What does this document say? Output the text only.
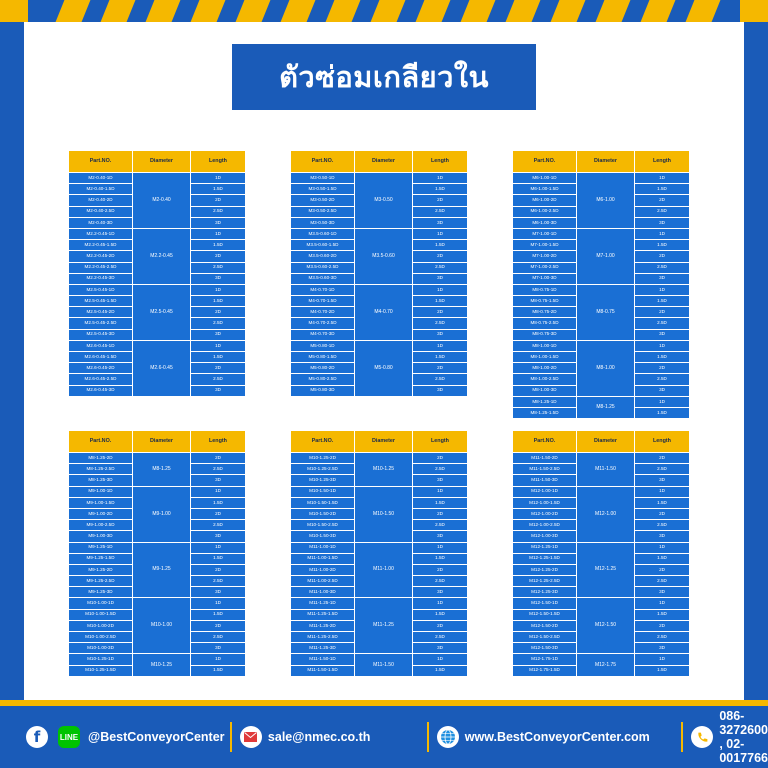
ตัวซ่อมเกลียวใน
Part.NO.	Diameter	Length
M2-0.40-1D	M2-0.40	1D
M2-0.40-1.5D		1.5D
M2-0.40-2D		2D
M2-0.40-2.5D		2.5D
M2-0.40-3D		3D
M2.2-0.45-1D	M2.2-0.45	1D
M2.2-0.45-1.5D		1.5D
M2.2-0.45-2D		2D
M2.2-0.45-2.5D		2.5D
M2.2-0.45-3D		3D
M2.5-0.45-1D	M2.5-0.45	1D
M2.5-0.45-1.5D		1.5D
M2.5-0.45-2D		2D
M2.5-0.45-2.5D		2.5D
M2.5-0.45-3D		3D
M2.6-0.45-1D	M2.6-0.45	1D
M2.6-0.45-1.5D		1.5D
M2.6-0.45-2D		2D
M2.6-0.45-2.5D		2.5D
M2.6-0.45-3D		3D
Part.NO.	Diameter	Length
M3-0.50-1D	M3-0.50	1D
M3-0.50-1.5D		1.5D
M3-0.50-2D		2D
M3-0.50-2.5D		2.5D
M3-0.50-3D		3D
M3.5-0.60-1D	M3.5-0.60	1D
M3.5-0.60-1.5D		1.5D
M3.5-0.60-2D		2D
M3.5-0.60-2.5D		2.5D
M3.5-0.60-3D		3D
M4-0.70-1D	M4-0.70	1D
M4-0.70-1.5D		1.5D
M4-0.70-2D		2D
M4-0.70-2.5D		2.5D
M4-0.70-3D		3D
M5-0.80-1D	M5-0.80	1D
M5-0.80-1.5D		1.5D
M5-0.80-2D		2D
M5-0.80-2.5D		2.5D
M5-0.80-3D		3D
Part.NO.	Diameter	Length
M6-1.00-1D	M6-1.00	1D
M6-1.00-1.5D		1.5D
M6-1.00-2D		2D
M6-1.00-2.5D		2.5D
M6-1.00-3D		3D
M7-1.00-1D	M7-1.00	1D
M7-1.00-1.5D		1.5D
M7-1.00-2D		2D
M7-1.00-2.5D		2.5D
M7-1.00-3D		3D
M8-0.75-1D	M8-0.75	1D
M8-0.75-1.5D		1.5D
M8-0.75-2D		2D
M8-0.75-2.5D		2.5D
M8-0.75-3D		3D
M8-1.00-1D	M8-1.00	1D
M8-1.00-1.5D		1.5D
M8-1.00-2D		2D
M8-1.00-2.5D		2.5D
M8-1.00-3D		3D
M8-1.25-1D	M8-1.25	1D
M8-1.25-1.5D		1.5D
Part.NO.	Diameter	Length
M8-1.25-2D	M8-1.25	2D
M8-1.25-2.5D		2.5D
M8-1.25-3D		3D
M9-1.00-1D	M9-1.00	1D
M9-1.00-1.5D		1.5D
M9-1.00-2D		2D
M9-1.00-2.5D		2.5D
M9-1.00-3D		3D
M9-1.25-1D	M9-1.25	1D
M9-1.25-1.5D		1.5D
M9-1.25-2D		2D
M9-1.25-2.5D		2.5D
M9-1.25-3D		3D
M10-1.00-1D	M10-1.00	1D
M10-1.00-1.5D		1.5D
M10-1.00-2D		2D
M10-1.00-2.5D		2.5D
M10-1.00-3D		3D
M10-1.25-1D	M10-1.25	1D
M10-1.25-1.5D		1.5D
Part.NO.	Diameter	Length
M10-1.25-2D	M10-1.25	2D
M10-1.25-2.5D		2.5D
M10-1.25-3D		3D
M10-1.50-1D	M10-1.50	1D
M10-1.50-1.5D		1.5D
M10-1.50-2D		2D
M10-1.50-2.5D		2.5D
M10-1.50-3D		3D
M11-1.00-1D	M11-1.00	1D
M11-1.00-1.5D		1.5D
M11-1.00-2D		2D
M11-1.00-2.5D		2.5D
M11-1.00-3D		3D
M11-1.25-1D	M11-1.25	1D
M11-1.25-1.5D		1.5D
M11-1.25-2D		2D
M11-1.25-2.5D		2.5D
M11-1.25-3D		3D
M11-1.50-1D	M11-1.50	1D
M11-1.50-1.5D		1.5D
Part.NO.	Diameter	Length
M11-1.50-2D	M11-1.50	2D
M11-1.50-2.5D		2.5D
M11-1.50-3D		3D
M12-1.00-1D	M12-1.00	1D
M12-1.00-1.5D		1.5D
M12-1.00-2D		2D
M12-1.00-2.5D		2.5D
M12-1.00-3D		3D
M12-1.25-1D	M12-1.25	1D
M12-1.25-1.5D		1.5D
M12-1.25-2D		2D
M12-1.25-2.5D		2.5D
M12-1.25-3D		3D
M12-1.50-1D	M12-1.50	1D
M12-1.50-1.5D		1.5D
M12-1.50-2D		2D
M12-1.50-2.5D		2.5D
M12-1.50-3D		3D
M12-1.75-1D	M12-1.75	1D
M12-1.75-1.5D		1.5D
f LINE @BestConveyorCenter	sale@nmec.co.th	www.BestConveyorCenter.com
086-3272600 , 02-0017766
